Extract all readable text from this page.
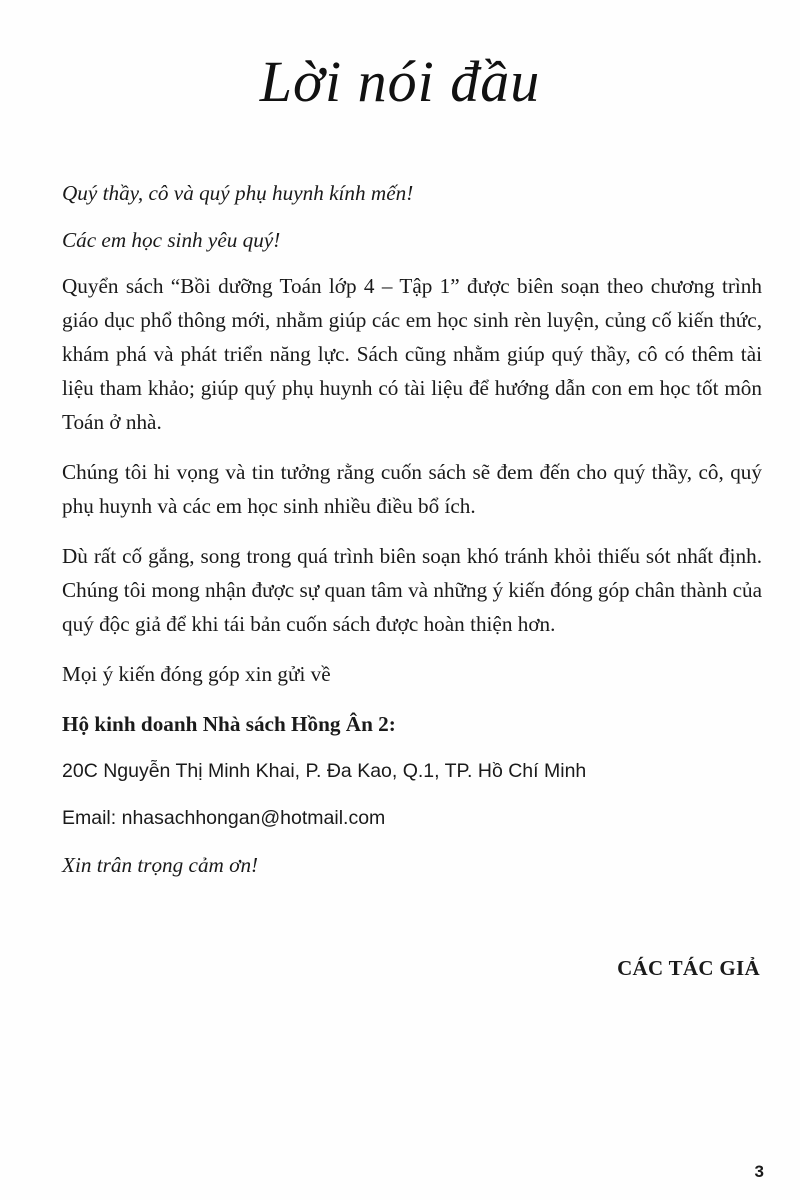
Lời nói đầu

Quý thầy, cô và quý phụ huynh kính mến!

Các em học sinh yêu quý!

Quyển sách “Bồi dưỡng Toán lớp 4 – Tập 1” được biên soạn theo chương trình giáo dục phổ thông mới, nhằm giúp các em học sinh rèn luyện, củng cố kiến thức, khám phá và phát triển năng lực. Sách cũng nhằm giúp quý thầy, cô có thêm tài liệu tham khảo; giúp quý phụ huynh có tài liệu để hướng dẫn con em học tốt môn Toán ở nhà.

Chúng tôi hi vọng và tin tưởng rằng cuốn sách sẽ đem đến cho quý thầy, cô, quý phụ huynh và các em học sinh nhiều điều bổ ích.

Dù rất cố gắng, song trong quá trình biên soạn khó tránh khỏi thiếu sót nhất định. Chúng tôi mong nhận được sự quan tâm và những ý kiến đóng góp chân thành của quý độc giả để khi tái bản cuốn sách được hoàn thiện hơn.

Mọi ý kiến đóng góp xin gửi về

Hộ kinh doanh Nhà sách Hồng Ân 2:

20C Nguyễn Thị Minh Khai, P. Đa Kao, Q.1, TP. Hồ Chí Minh

Email: nhasachhongan@hotmail.com

Xin trân trọng cảm ơn!

CÁC TÁC GIẢ
3
